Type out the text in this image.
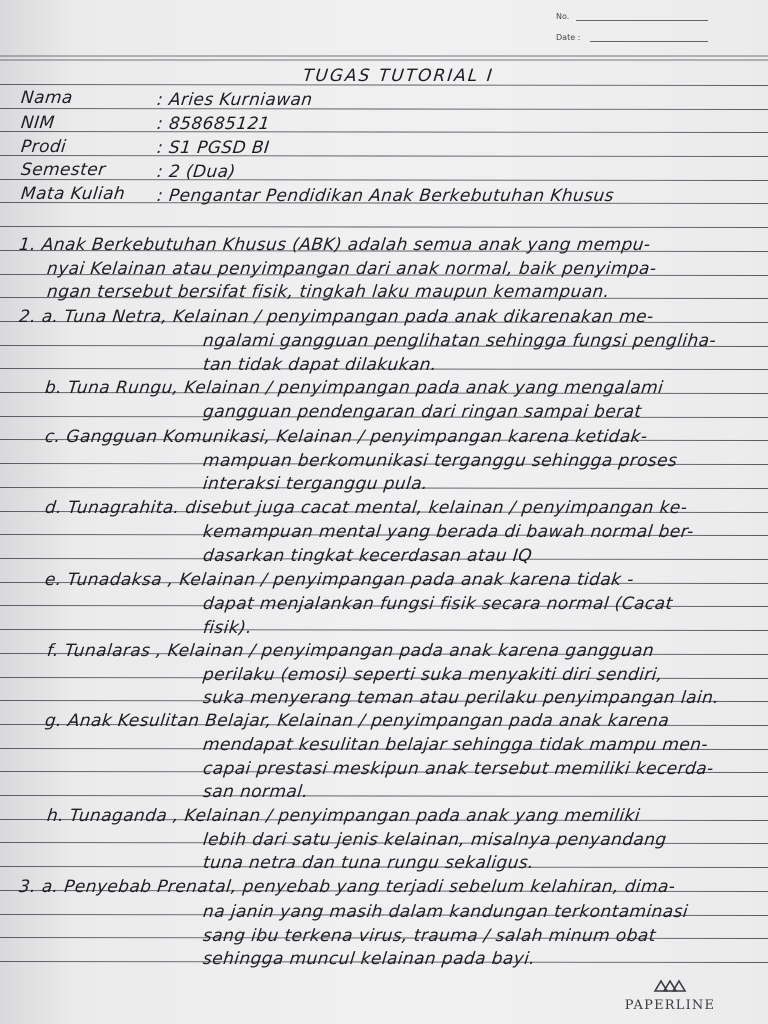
No.
Date :
TUGAS TUTORIAL I
Nama	: Aries Kurniawan
NIM	: 858685121
Prodi	: S1 PGSD BI
Semester	: 2 (Dua)
Mata Kuliah : Pengantar Pendidikan Anak Berkebutuhan Khusus
1. Anak Berkebutuhan Khusus (ABK) adalah semua anak yang mempu-
nyai Kelainan atau penyimpangan dari anak normal, baik penyimpa-
ngan tersebut bersifat fisik, tingkah laku maupun kemampuan.
2. a. Tuna Netra, Kelainan / penyimpangan pada anak dikarenakan me-
ngalami gangguan penglihatan sehingga fungsi pengliha-
tan tidak dapat dilakukan.
b. Tuna Rungu, Kelainan / penyimpangan pada anak yang mengalami
gangguan pendengaran dari ringan sampai berat
c. Gangguan Komunikasi, Kelainan / penyimpangan karena ketidak-
mampuan berkomunikasi terganggu sehingga proses
interaksi terganggu pula.
d. Tunagrahita. disebut juga cacat mental, kelainan / penyimpangan ke-
kemampuan mental yang berada di bawah normal ber-
dasarkan tingkat kecerdasan atau IQ
e. Tunadaksa , Kelainan / penyimpangan pada anak karena tidak -
dapat menjalankan fungsi fisik secara normal (Cacat
fisik).
f. Tunalaras , Kelainan / penyimpangan pada anak karena gangguan
perilaku (emosi) seperti suka menyakiti diri sendiri,
suka menyerang teman atau perilaku penyimpangan lain.
g. Anak Kesulitan Belajar, Kelainan / penyimpangan pada anak karena
mendapat kesulitan belajar sehingga tidak mampu men-
capai prestasi meskipun anak tersebut memiliki kecerda-
san normal.
h. Tunaganda , Kelainan / penyimpangan pada anak yang memiliki
lebih dari satu jenis kelainan, misalnya penyandang
tuna netra dan tuna rungu sekaligus.
3. a. Penyebab Prenatal, penyebab yang terjadi sebelum kelahiran, dima-
na janin yang masih dalam kandungan terkontaminasi
sang ibu terkena virus, trauma / salah minum obat
sehingga muncul kelainan pada bayi.
PAPERLINE
